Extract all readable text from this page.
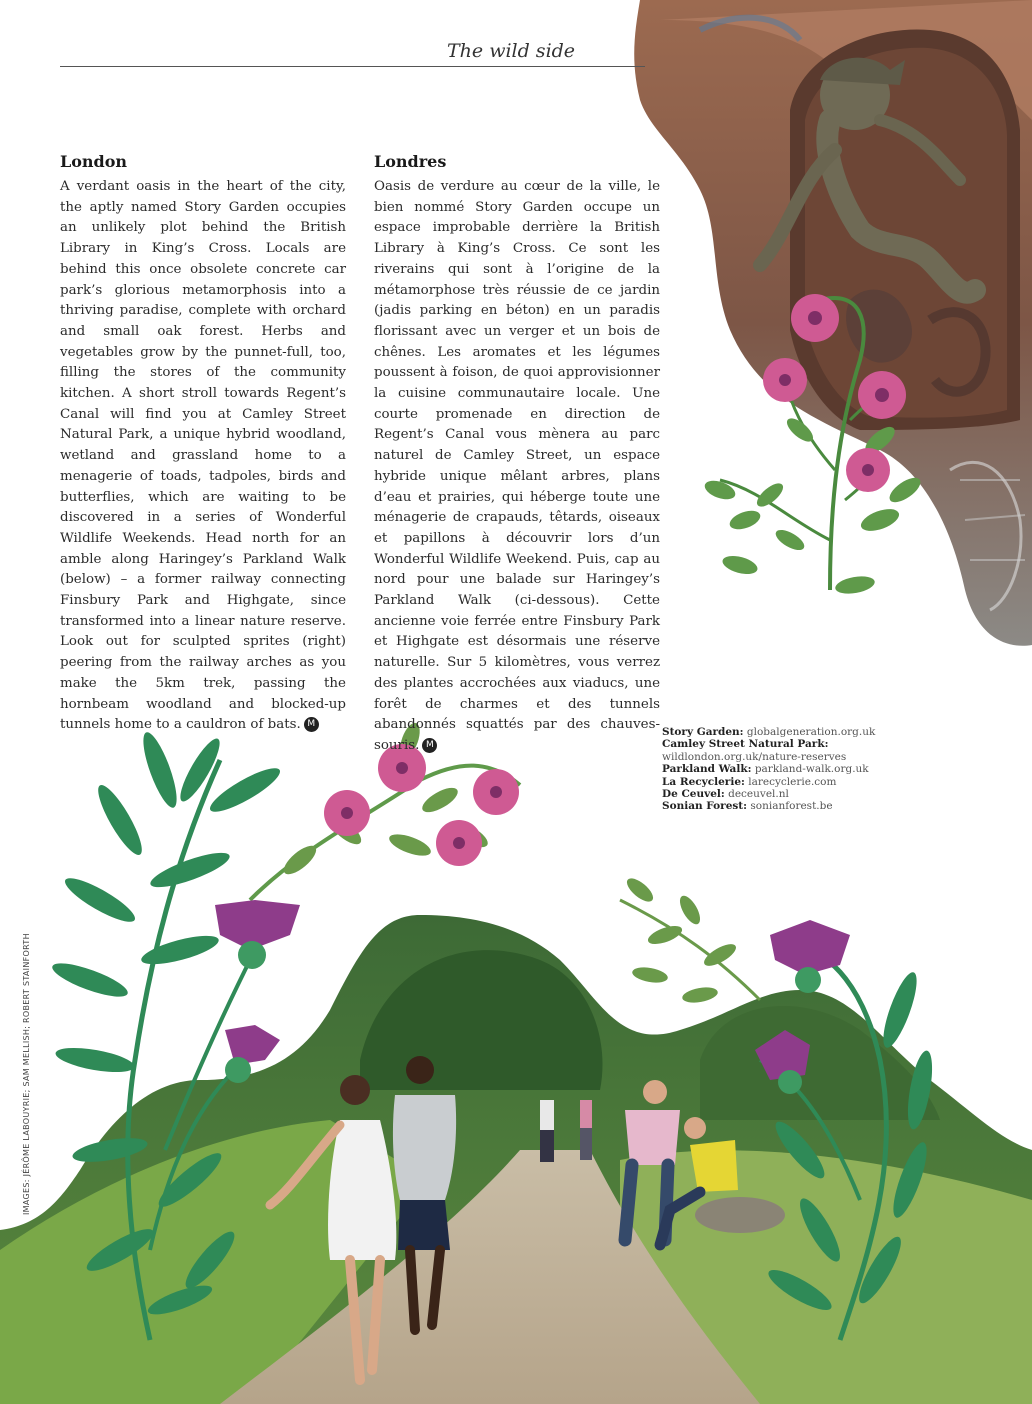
The wild side
London

A verdant oasis in the heart of the city, the aptly named Story Garden occupies an unlikely plot behind the British Library in King’s Cross. Locals are behind this once obsolete concrete car park’s glorious metamorphosis into a thriving paradise, complete with orchard and small oak forest. Herbs and vegetables grow by the punnet-full, too, filling the stores of the community kitchen. A short stroll towards Regent’s Canal will find you at Camley Street Natural Park, a unique hybrid woodland, wetland and grassland home to a menagerie of toads, tadpoles, birds and butterflies, which are waiting to be discovered in a series of Wonderful Wildlife Weekends. Head north for an amble along Haringey’s Parkland Walk (below) – a former railway connecting Finsbury Park and Highgate, since transformed into a linear nature reserve. Look out for sculpted sprites (right) peering from the railway arches as you make the 5km trek, passing the hornbeam woodland and blocked-up tunnels home to a cauldron of bats. M

Londres

Oasis de verdure au cœur de la ville, le bien nommé Story Garden occupe un espace improbable derrière la British Library à King’s Cross. Ce sont les riverains qui sont à l’origine de la métamorphose très réussie de ce jardin (jadis parking en béton) en un paradis florissant avec un verger et un bois de chênes. Les aromates et les légumes poussent à foison, de quoi approvisionner la cuisine communautaire locale. Une courte promenade en direction de Regent’s Canal vous mènera au parc naturel de Camley Street, un espace hybride unique mêlant arbres, plans d’eau et prairies, qui héberge toute une ménagerie de crapauds, têtards, oiseaux et papillons à découvrir lors d’un Wonderful Wildlife Weekend. Puis, cap au nord pour une balade sur Haringey’s Parkland Walk (ci-dessous). Cette ancienne voie ferrée entre Finsbury Park et Highgate est désormais une réserve naturelle. Sur 5 kilomètres, vous verrez des plantes accrochées aux viaducs, une forêt de charmes et des tunnels abandonnés squattés par des chauves-souris. M

Story Garden: globalgeneration.org.uk
Camley Street Natural Park:
wildlondon.org.uk/nature-reserves
Parkland Walk: parkland-walk.org.uk
La Recyclerie: larecyclerie.com
De Ceuvel: deceuvel.nl
Sonian Forest: sonianforest.be
IMAGES: JÉRÔME LABOUYRIE; SAM MELLISH; ROBERT STAINFORTH
